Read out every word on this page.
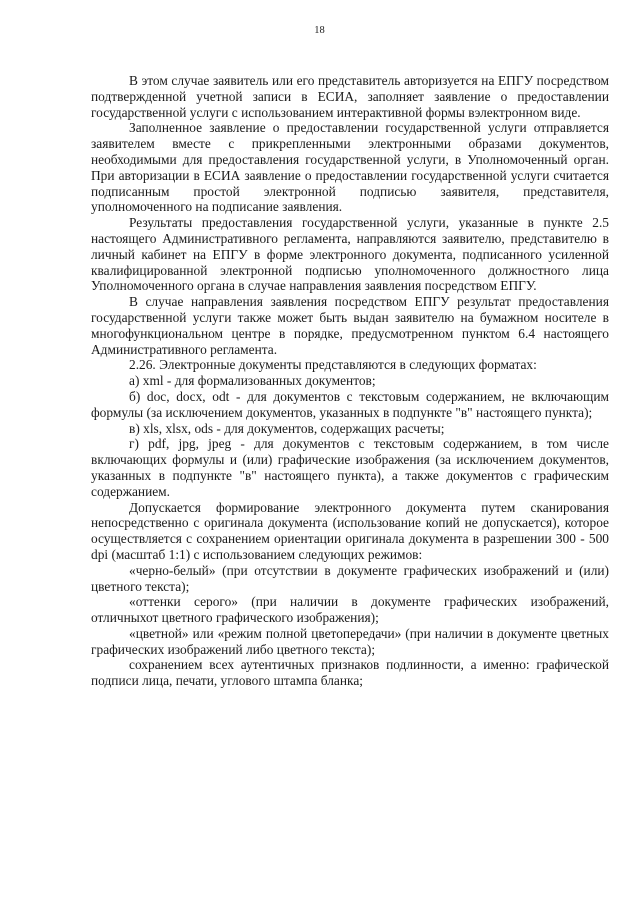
18

В этом случае заявитель или его представитель авторизуется на ЕПГУ посредством подтвержденной учетной записи в ЕСИА, заполняет заявление о предоставлении государственной услуги с использованием интерактивной формы вэлектронном виде.

Заполненное заявление о предоставлении государственной услуги отправляется заявителем вместе с прикрепленными электронными образами документов, необходимыми для предоставления государственной услуги, в Уполномоченный орган. При авторизации в ЕСИА заявление о предоставлении государственной услуги считается подписанным простой электронной подписью заявителя, представителя, уполномоченного на подписание заявления.

Результаты предоставления государственной услуги, указанные в пункте 2.5 настоящего Административного регламента, направляются заявителю, представителю в личный кабинет на ЕПГУ в форме электронного документа, подписанного усиленной квалифицированной электронной подписью уполномоченного должностного лица Уполномоченного органа в случае направления заявления посредством ЕПГУ.

В случае направления заявления посредством ЕПГУ результат предоставления государственной услуги также может быть выдан заявителю на бумажном носителе в многофункциональном центре в порядке, предусмотренном пунктом 6.4 настоящего Административного регламента.

2.26. Электронные документы представляются в следующих форматах:

а) xml - для формализованных документов;

б) doc, docx, odt - для документов с текстовым содержанием, не включающим формулы (за исключением документов, указанных в подпункте "в" настоящего пункта);

в) xls, xlsx, ods - для документов, содержащих расчеты;

г) pdf, jpg, jpeg - для документов с текстовым содержанием, в том числе включающих формулы и (или) графические изображения (за исключением документов, указанных в подпункте "в" настоящего пункта), а также документов с графическим содержанием.

Допускается формирование электронного документа путем сканирования непосредственно с оригинала документа (использование копий не допускается), которое осуществляется с сохранением ориентации оригинала документа в разрешении 300 - 500 dpi (масштаб 1:1) с использованием следующих режимов:

«черно-белый» (при отсутствии в документе графических изображений и (или) цветного текста);

«оттенки серого» (при наличии в документе графических изображений, отличныхот цветного графического изображения);

«цветной» или «режим полной цветопередачи» (при наличии в документе цветных графических изображений либо цветного текста);

сохранением всех аутентичных признаков подлинности, а именно: графической подписи лица, печати, углового штампа бланка;
